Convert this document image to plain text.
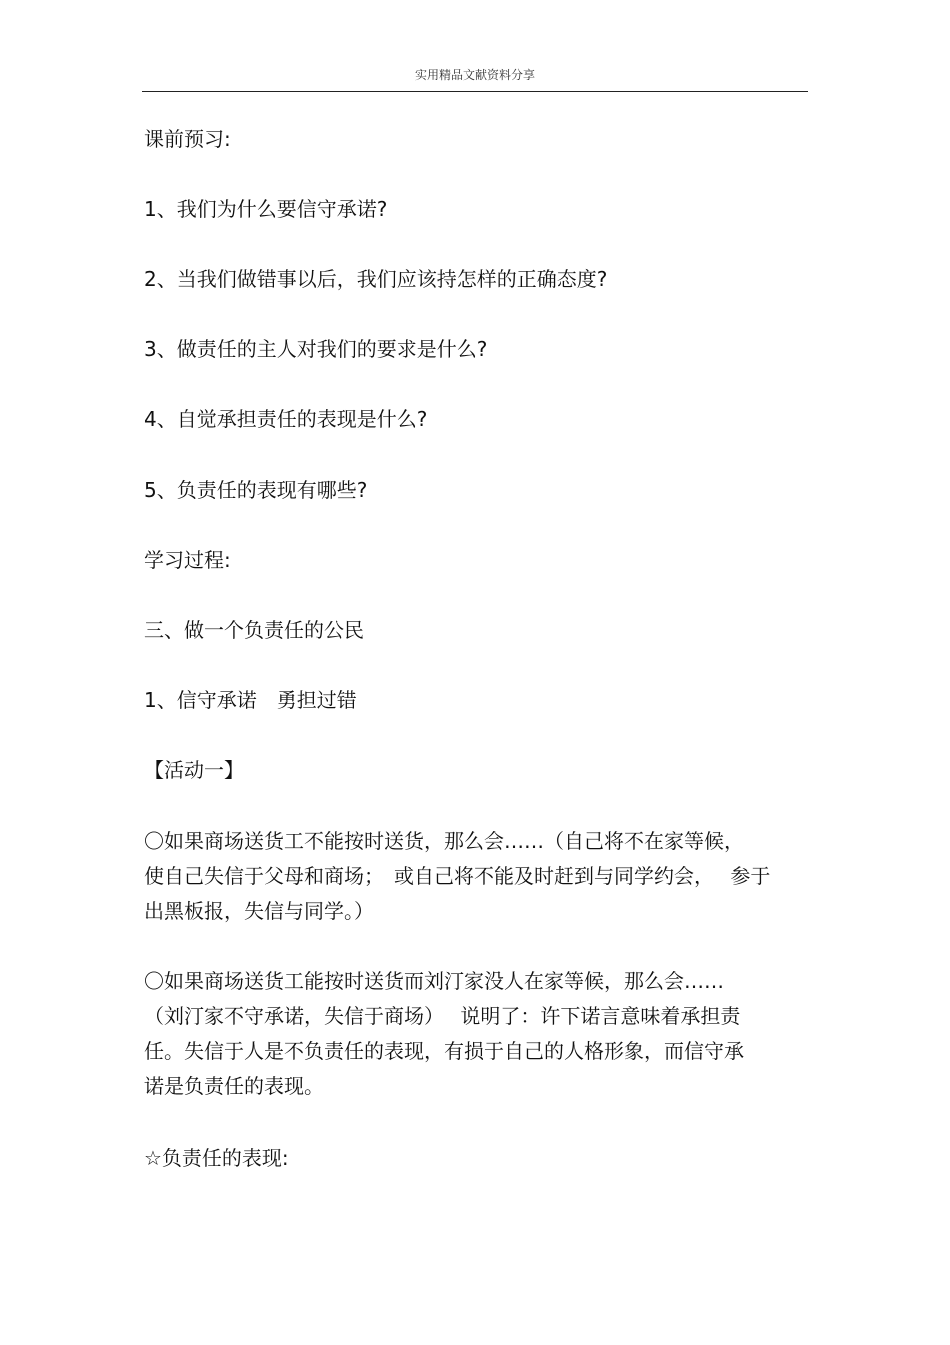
实用精品文献资料分享
课前预习:
1、我们为什么要信守承诺?
2、当我们做错事以后，我们应该持怎样的正确态度?
3、做责任的主人对我们的要求是什么?
4、自觉承担责任的表现是什么?
5、负责任的表现有哪些?
学习过程:
三、做一个负责任的公民
1、信守承诺　勇担过错
【活动一】
〇如果商场送货工不能按时送货，那么会……（自己将不在家等候，
使自己失信于父母和商场；　或自己将不能及时赶到与同学约会，　 参于
出黑板报，失信与同学。）
〇如果商场送货工能按时送货而刘汀家没人在家等候，那么会……
（刘汀家不守承诺，失信于商场）　 说明了：许下诺言意味着承担责
任。失信于人是不负责任的表现，有损于自己的人格形象，而信守承
诺是负责任的表现。
☆负责任的表现:
